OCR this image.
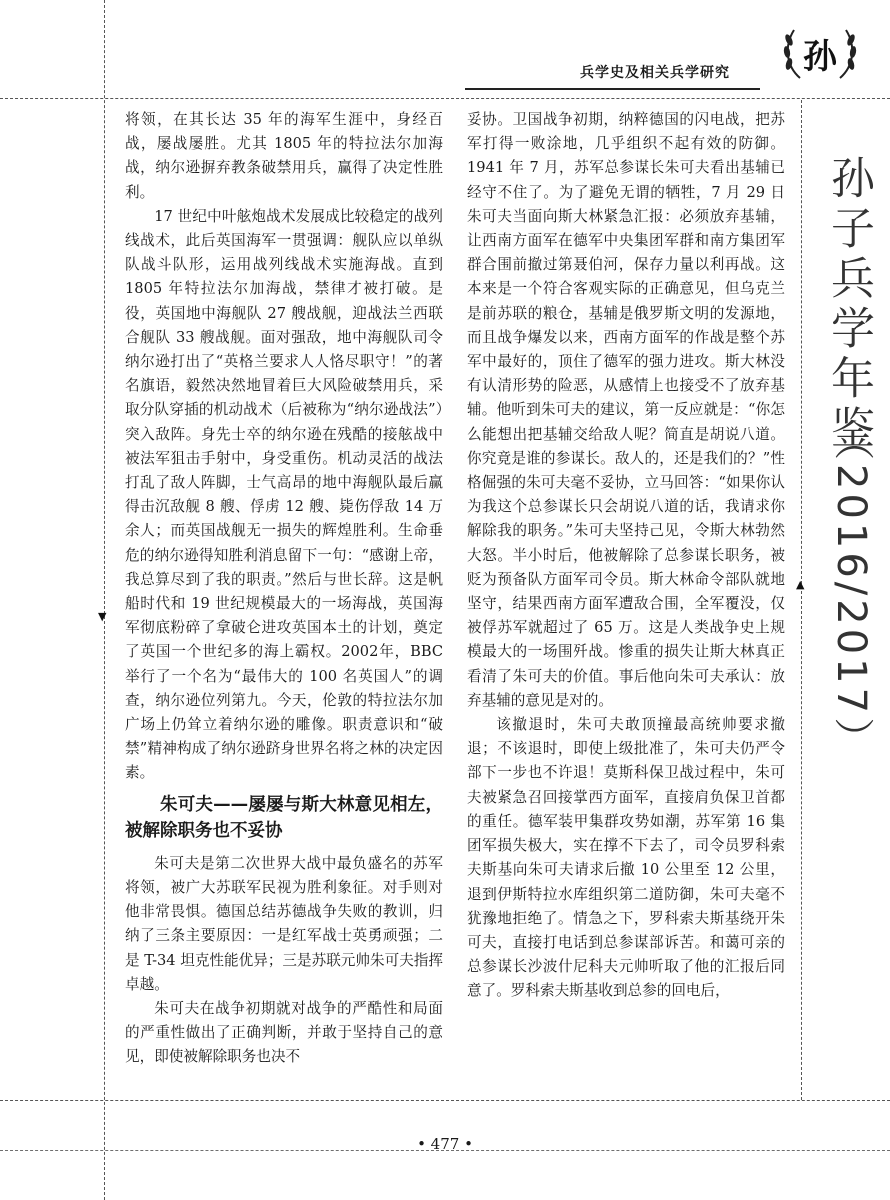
兵学史及相关兵学研究 孙
孙子兵学年鉴
（2016/2017）
▼
▲

将领，在其长达 35 年的海军生涯中，身经百战，屡战屡胜。尤其 1805 年的特拉法尔加海战，纳尔逊摒弃教条破禁用兵，赢得了决定性胜利。

17 世纪中叶舷炮战术发展成比较稳定的战列线战术，此后英国海军一贯强调：舰队应以单纵队战斗队形，运用战列线战术实施海战。直到 1805 年特拉法尔加海战，禁律才被打破。是役，英国地中海舰队 27 艘战舰，迎战法兰西联合舰队 33 艘战舰。面对强敌，地中海舰队司令纳尔逊打出了“英格兰要求人人恪尽职守！”的著名旗语，毅然决然地冒着巨大风险破禁用兵，采取分队穿插的机动战术（后被称为“纳尔逊战法”）突入敌阵。身先士卒的纳尔逊在残酷的接舷战中被法军狙击手射中，身受重伤。机动灵活的战法打乱了敌人阵脚，士气高昂的地中海舰队最后赢得击沉敌舰 8 艘、俘虏 12 艘、毙伤俘敌 14 万余人；而英国战舰无一损失的辉煌胜利。生命垂危的纳尔逊得知胜利消息留下一句：“感谢上帝，我总算尽到了我的职责。”然后与世长辞。这是帆船时代和 19 世纪规模最大的一场海战，英国海军彻底粉碎了拿破仑进攻英国本土的计划，奠定了英国一个世纪多的海上霸权。2002年，BBC 举行了一个名为“最伟大的 100 名英国人”的调查，纳尔逊位列第九。今天，伦敦的特拉法尔加广场上仍耸立着纳尔逊的雕像。职责意识和“破禁”精神构成了纳尔逊跻身世界名将之林的决定因素。

朱可夫——屡屡与斯大林意见相左，被解除职务也不妥协

朱可夫是第二次世界大战中最负盛名的苏军将领，被广大苏联军民视为胜利象征。对手则对他非常畏惧。德国总结苏德战争失败的教训，归纳了三条主要原因：一是红军战士英勇顽强；二是 T-34 坦克性能优异；三是苏联元帅朱可夫指挥卓越。

朱可夫在战争初期就对战争的严酷性和局面的严重性做出了正确判断，并敢于坚持自己的意见，即使被解除职务也决不

妥协。卫国战争初期，纳粹德国的闪电战，把苏军打得一败涂地，几乎组织不起有效的防御。1941 年 7 月，苏军总参谋长朱可夫看出基辅已经守不住了。为了避免无谓的牺牲，7 月 29 日朱可夫当面向斯大林紧急汇报：必须放弃基辅，让西南方面军在德军中央集团军群和南方集团军群合围前撤过第聂伯河，保存力量以利再战。这本来是一个符合客观实际的正确意见，但乌克兰是前苏联的粮仓，基辅是俄罗斯文明的发源地，而且战争爆发以来，西南方面军的作战是整个苏军中最好的，顶住了德军的强力进攻。斯大林没有认清形势的险恶，从感情上也接受不了放弃基辅。他听到朱可夫的建议，第一反应就是：“你怎么能想出把基辅交给敌人呢？简直是胡说八道。你究竟是谁的参谋长。敌人的，还是我们的？”性格倔强的朱可夫毫不妥协，立马回答：“如果你认为我这个总参谋长只会胡说八道的话，我请求你解除我的职务。”朱可夫坚持己见，令斯大林勃然大怒。半小时后，他被解除了总参谋长职务，被贬为预备队方面军司令员。斯大林命令部队就地坚守，结果西南方面军遭敌合围，全军覆没，仅被俘苏军就超过了 65 万。这是人类战争史上规模最大的一场围歼战。惨重的损失让斯大林真正看清了朱可夫的价值。事后他向朱可夫承认：放弃基辅的意见是对的。

该撤退时，朱可夫敢顶撞最高统帅要求撤退；不该退时，即使上级批准了，朱可夫仍严令部下一步也不许退！莫斯科保卫战过程中，朱可夫被紧急召回接掌西方面军，直接肩负保卫首都的重任。德军装甲集群攻势如潮，苏军第 16 集团军损失极大，实在撑不下去了，司令员罗科索夫斯基向朱可夫请求后撤 10 公里至 12 公里，退到伊斯特拉水库组织第二道防御，朱可夫毫不犹豫地拒绝了。情急之下，罗科索夫斯基绕开朱可夫，直接打电话到总参谋部诉苦。和蔼可亲的总参谋长沙波什尼科夫元帅听取了他的汇报后同意了。罗科索夫斯基收到总参的回电后，

• 477 •
